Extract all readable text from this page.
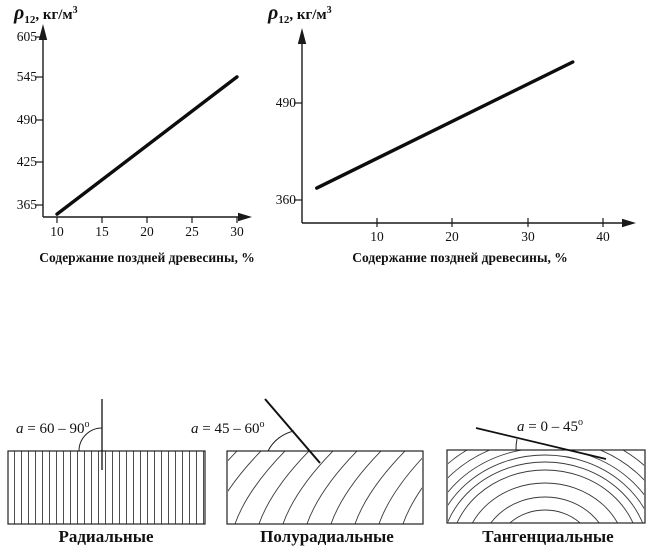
$\rho_{12}$, $кг/м^3$
605
545
490
425
365
10	15	20	25	30
Содержание поздней древесины, %
$\rho_{12}$, $кг/м^3$
490
360
10	20	30	40
Содержание поздней древесины, %
a = 60 – 90$^o$	a = 45 – 60$^o$	a = 0 – 45$^o$
Радиальные	Полурадиальные	Тангенциальные
